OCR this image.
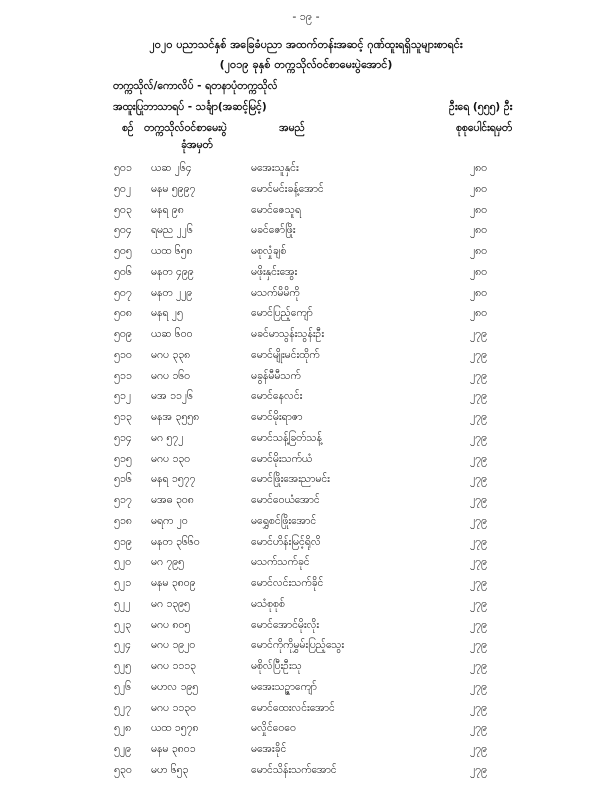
- ၁၉ -
၂၀၂၀ ပညာသင်နှစ် အခြေခံပညာ အထက်တန်းအဆင့် ဂုဏ်ထူးရရှိသူများစာရင်း
(၂၀၁၉ ခုနှစ် တက္ကသိုလ်ဝင်စာမေးပွဲအောင်)
တက္ကသိုလ်/ကောလိပ် - ရတနာပုံတက္ကသိုလ်
အထူးပြုဘာသာရပ် - သင်္ချာ(အဆင့်မြင့်)	ဦးရေ (၅၅၅) ဦး
စဉ် တက္ကသိုလ်ဝင်စာမေးပွဲ
ခုံအမှတ်
အမည်	စုစုပေါင်းရမှတ်
၅၀၁ ယဆ ၂၆၄	မအေးသူနှင်း	၂၈၀
၅၀၂ မနမ ၅၉၉၇	မောင်မင်းခန့်အောင်	၂၈၀
၅၀၃ မနရ ၉၈	မောင်ဇေသူရ	၂၈၀
၅၀၄ ရမည ၂၂၆	မခင်ဇော်ဖြိုး	၂၈၀
၅၀၅ ယထ ၆၅၈	မစုလှုံချစ်	၂၈၀
၅၀၆ မနတ ၄၉၉	မဖိုးနှင်းအွေး	၂၈၀
၅၀၇ မနတ ၂၂၉	မသက်မိမိကို	၂၈၀
၅၀၈ မနရ ၂၅	မောင်ပြည့်ကျော်	၂၈၀
၅၀၉ ယဆ ၆၀၀	မခင်မာသွန်းသွန်းဦး	၂၇၉
၅၁၀ မဂပ ၃၃၈	မောင်မျိုးမင်းထိုက်	၂၇၉
၅၁၁ မဂပ ၁၆၀	မခွန်မီမီသက်	၂၇၉
၅၁၂ မအ ၁၁၂၆	မောင်နေလင်း	၂၇၉
၅၁၃ မနအ ၃၅၅၈	မောင်မိုးရာဇာ	၂၇၉
၅၁၄ မဂ ၅၇၂	မောင်သန့်ခြတ်သန့်	၂၇၉
၅၁၅ မဂပ ၁၃၀	မောင်မိုးသက်ယံ	၂၇၉
၅၁၆ မနရ ၁၅၇၇	မောင်ဖြိုးအေးညာမင်း	၂၇၉
၅၁၇ မအဓ ၃၀၈	မောင်ဝေယံအောင်	၂၇၉
၅၁၈ မရက ၂၀	မရွှေစင်ဖြိုးအောင်	၂၇၉
၅၁၉ မနတ ၃၆၆၀	မောင်ဟိန်းမြင့်ရိုလိ	၂၇၉
၅၂၀ မဂ ၇၉၅	မသက်သက်ခုင်	၂၇၉
၅၂၁ မနမ ၃၈၀၉	မောင်လင်းသက်ခိုင်	၂၇၉
၅၂၂ မဂ ၁၃၉၅	မသံစုစုစ်	၂၇၉
၅၂၃ မဂပ ၈၀၅	မောင်အောင်မိုးလိုး	၂၇၉
၅၂၄ မဂပ ၁၉၂၀	မောင်ကိုကိုမွှမ်းပြည့်သွေး	၂၇၉
၅၂၅ မဂပ ၁၁၁၃	မစိုလ်ပြီးဦးသု	၂၇၉
၅၂၆ မဟလ ၁၉၅	မအေးသဉ္ဇာကျော်	၂၇၉
၅၂၇ မဂပ ၁၁၃၀	မောင်ထေးလင်းအောင်	၂၇၉
၅၂၈ ယထ ၁၅၇၈	မလှိုင်ဝေဝေ	၂၇၉
၅၂၉ မနမ ၃၈၀၁	မအေးခိုင်	၂၇၉
၅၃၀ မဟ ၆၅၃	မောင်သိန်းသက်အောင်	၂၇၉
